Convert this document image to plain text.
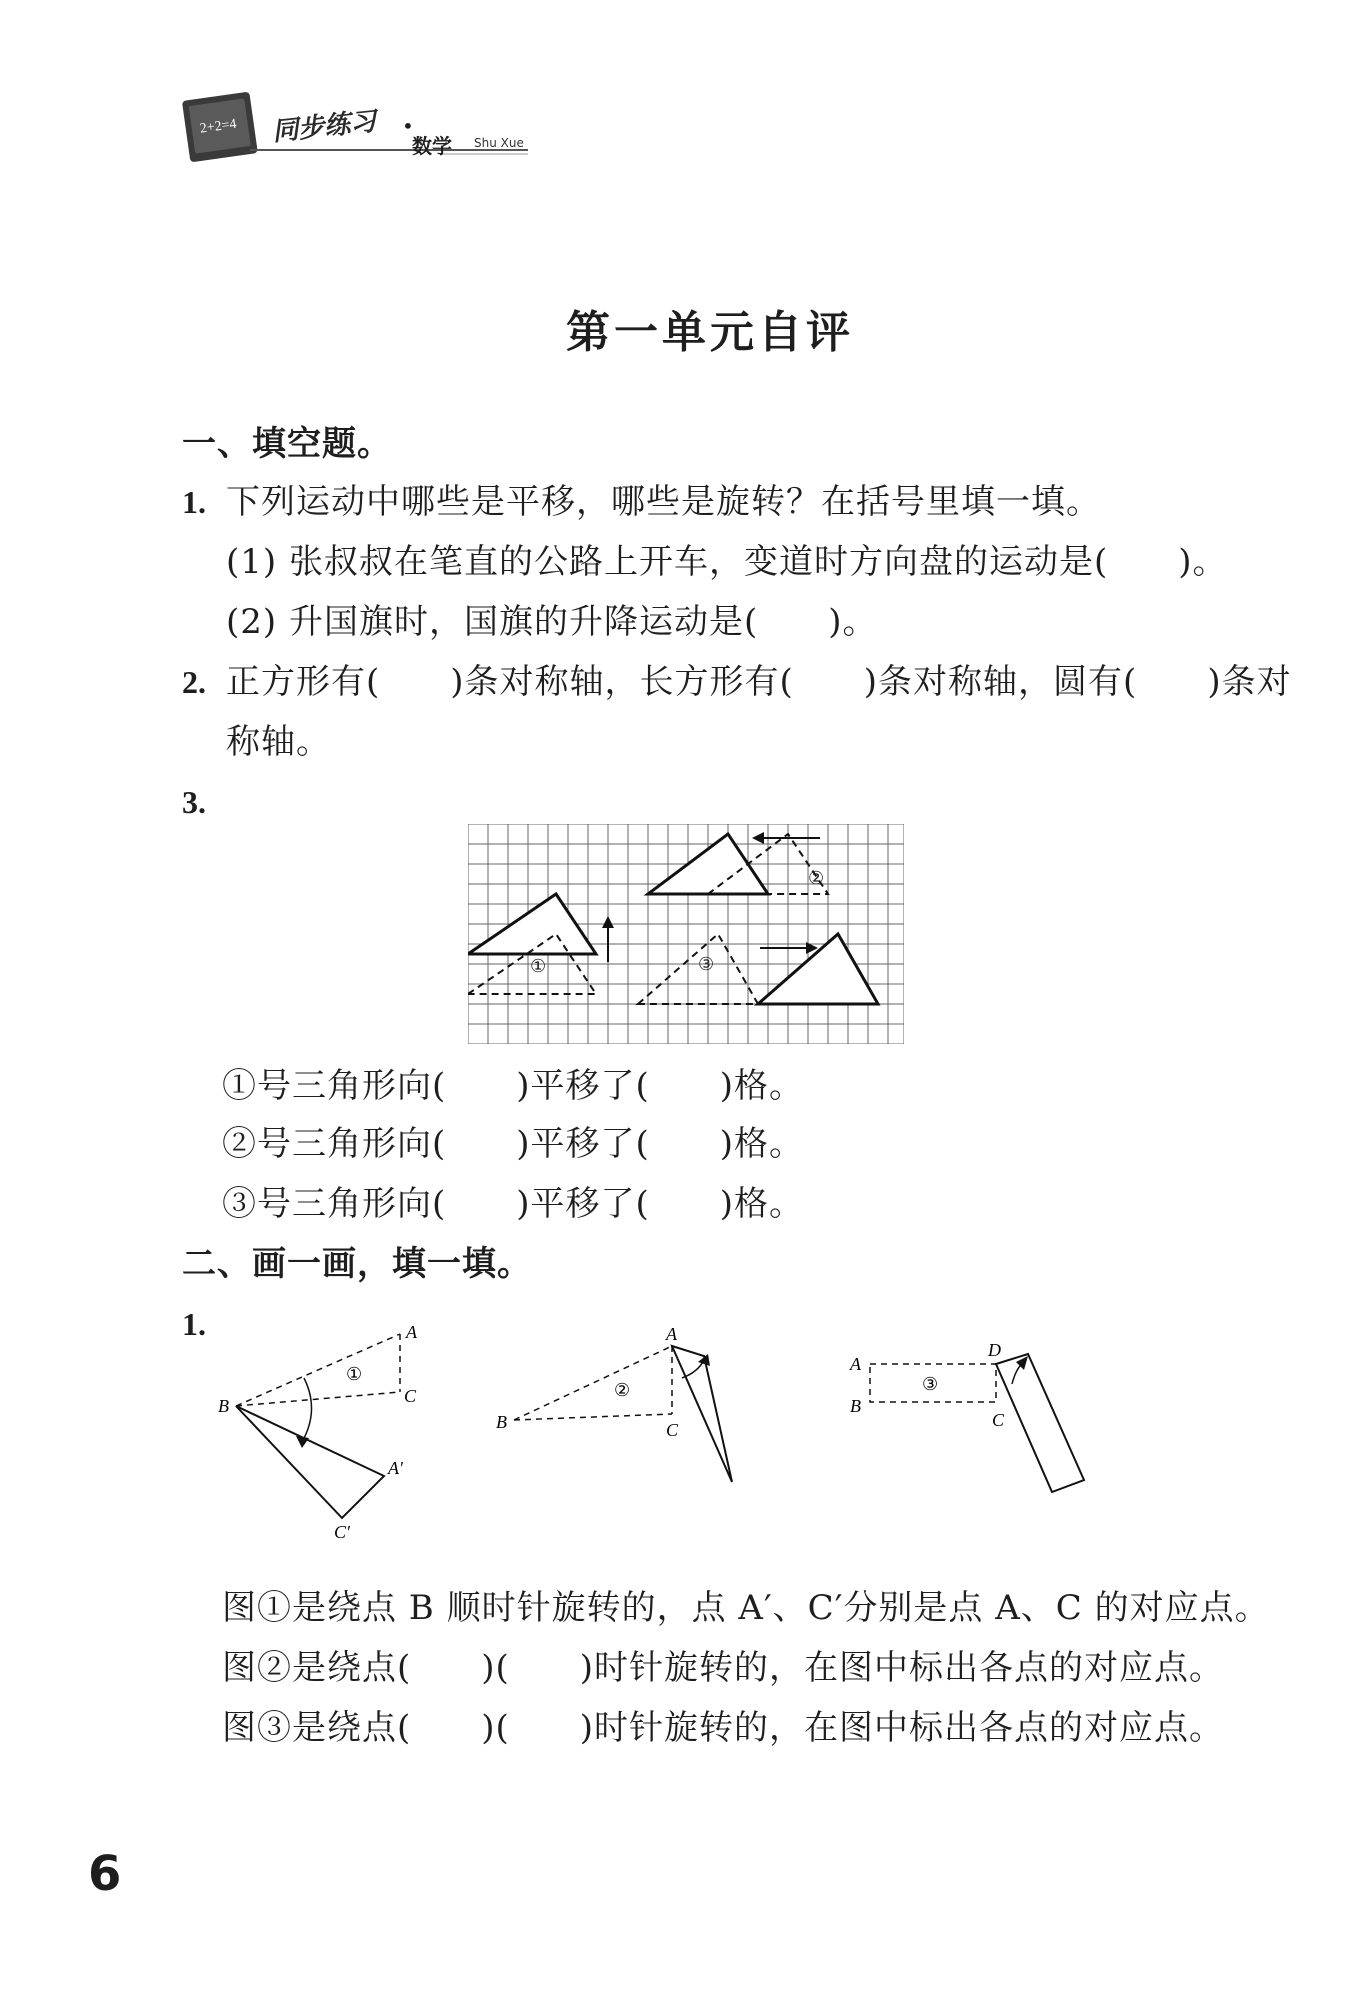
2+2=4 同步练习 •
数学 Shu Xue
第一单元自评
一、填空题。
1. 下列运动中哪些是平移，哪些是旋转？在括号里填一填。
(1) 张叔叔在笔直的公路上开车，变道时方向盘的运动是(　　)。
(2) 升国旗时，国旗的升降运动是(　　)。
2. 正方形有(　　)条对称轴，长方形有(　　)条对称轴，圆有(　　)条对
称轴。
3.
①
②
③
①号三角形向(　　)平移了(　　)格。
②号三角形向(　　)平移了(　　)格。
③号三角形向(　　)平移了(　　)格。
二、画一画，填一填。
1.	A
B	C
A′
C′
①
A
B	C
②
A
B
C
D
③
图①是绕点 B 顺时针旋转的，点 A′、C′分别是点 A、C 的对应点。
图②是绕点(　　)(　　)时针旋转的，在图中标出各点的对应点。
图③是绕点(　　)(　　)时针旋转的，在图中标出各点的对应点。
6
